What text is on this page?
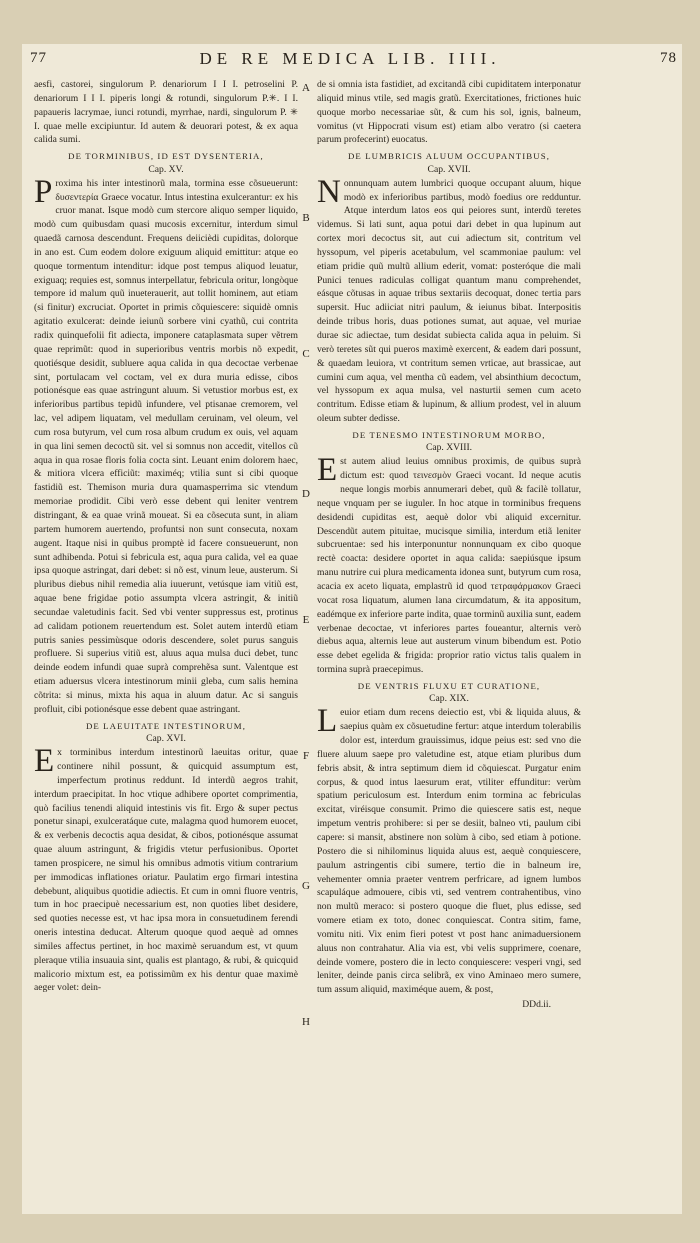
77	DE RE MEDICA LIB. IIII.	78
A
B
C
D
E
F
G
H

aesfi, castorei, singulorum P. denariorum I I I. petroselini P. denariorum I I I. piperis longi & rotundi, singulorum P.✳. I I. papaueris lacrymae, iunci rotundi, myrrhae, nardi, singulorum P. ✳ I. quae melle excipiuntur. Id autem & deuorari potest, & ex aqua calida sumi.

DE TORMINIBUS, ID EST DYSENTERIA,
Cap. XV.

Proxima his inter intestinorũ mala, tormina esse cõsueuerunt: δυσεντερία Graece vocatur. Intus intestina exulcerantur: ex his cruor manat. Isque modò cum stercore aliquo semper liquido, modò cum quibusdam quasi mucosis excernitur, interdum simul quaedã carnosa descendunt. Frequens deiicièdi cupiditas, dolorque in ano est. Cum eodem dolore exiguum aliquid emittitur: atque eo quoque tormentum intenditur: idque post tempus aliquod leuatur, exiguaq; requies est, somnus interpellatur, febricula oritur, longòque tempore id malum quũ inueterauerit, aut tollit hominem, aut etiam (si finitur) excruciat. Oportet in primis cõquiescere: siquidè omnis agitatio exulcerat: deinde ieiunũ sorbere vini cyathũ, cui contrita radix quinquefolii fit adiecta, imponere cataplasmata super vẽtrem quae reprimũt: quod in superioribus ventris morbis nõ expedit, quotiésque desidit, subluere aqua calida in qua decoctae verbenae sint, portulacam vel coctam, vel ex dura muria edisse, cibos potionésque eas quae astringunt aluum. Si vetustior morbus est, ex inferioribus partibus tepidũ infundere, vel ptisanae cremorem, vel lac, vel adipem liquatam, vel medullam ceruinam, vel oleum, vel cum rosa butyrum, vel cum rosa album crudum ex ouis, vel aquam in qua lini semen decoctũ sit. vel si somnus non accedit, vitellos cũ aqua in qua rosae floris folia cocta sint. Leuant enim dolorem haec, & mitiora vlcera efficiũt: maximéq; vtilia sunt si cibi quoque fastidiũ est. Themison muria dura quamasperrima sic vtendum memoriae prodidit. Cibi verò esse debent qui leniter ventrem distringant, & ea quae vrinã moueat. Si ea cõsecuta sunt, in aliam partem humorem auertendo, profuntsi non sunt consecuta, noxam augent. Itaque nisi in quibus promptè id facere consueuerunt, non sunt adhibenda. Potui si febricula est, aqua pura calida, vel ea quae ipsa quoque astringat, dari debet: si nõ est, vinum leue, austerum. Si pluribus diebus nihil remedia alia iuuerunt, vetúsque iam vitiũ est, aquae bene frigidae potio assumpta vlcera astringit, & initiũ secundae valetudinis facit. Sed vbi venter suppressus est, protinus ad calidam potionem reuertendum est. Solet autem interdũ etiam putris sanies pessimùsque odoris descendere, solet purus sanguis profluere. Si superius vitiũ est, aluus aqua mulsa duci debet, tunc deinde eodem infundi quae suprà comprehẽsa sunt. Valentque est etiam aduersus vlcera intestinorum minii gleba, cum salis hemina cõtrita: si minus, mixta his aqua in aluum datur. Ac si sanguis profluit, cibi potionésque esse debent quae astringant.

DE LAEUITATE INTESTINORUM,
Cap. XVI.

Ex torminibus interdum intestinorũ laeuitas oritur, quae continere nihil possunt, & quicquid assumptum est, imperfectum protinus reddunt. Id interdũ aegros trahit, interdum praecipitat. In hoc vtique adhibere oportet comprimentia, quò facilius tenendi aliquid intestinis vis fit. Ergo & super pectus ponetur sinapi, exulceratáque cute, malagma quod humorem euocet, & ex verbenis decoctis aqua desidat, & cibos, potionésque assumat quae aluum astringunt, & frigidis vtetur perfusionibus. Oportet tamen prospicere, ne simul his omnibus admotis vitium contrarium per immodicas inflationes oriatur. Paulatim ergo firmari intestina debebunt, aliquibus quotidie adiectis. Et cum in omni fluore ventris, tum in hoc praecipuè necessarium est, non quoties libet desidere, sed quoties necesse est, vt hac ipsa mora in consuetudinem ferendi oneris intestina deducat. Alterum quoque quod aequè ad omnes similes affectus pertinet, in hoc maximè seruandum est, vt quum pleraque vtilia insuauia sint, qualis est plantago, & rubi, & quicquid malicorio mixtum est, ea potissimũm ex his dentur quae maximè aeger volet: dein-

de si omnia ista fastidiet, ad excitandã cibi cupiditatem interponatur aliquid minus vtile, sed magis gratũ. Exercitationes, frictiones huic quoque morbo necessariae sũt, & cum his sol, ignis, balneum, vomitus (vt Hippocrati visum est) etiam albo veratro (si caetera parum profecerint) euocatus.

DE LUMBRICIS ALUUM OCCUPANTIBUS,
Cap. XVII.

Nonnunquam autem lumbrici quoque occupant aluum, hique modò ex inferioribus partibus, modò foedius ore redduntur. Atque interdum latos eos qui peiores sunt, interdũ teretes videmus. Si lati sunt, aqua potui dari debet in qua lupinum aut cortex mori decoctus sit, aut cui adiectum sit, contritum vel hyssopum, vel piperis acetabulum, vel scammoniae paulum: vel etiam pridie quũ multũ allium ederit, vomat: posteróque die mali Punici tenues radiculas colligat quantum manu comprehendet, eásque cõtusas in aquae tribus sextariis decoquat, donec tertia pars supersit. Huc adiiciat nitri paulum, & ieiunus bibat. Interpositis deinde tribus horis, duas potiones sumat, aut aquae, vel muriae durae sic adiectae, tum desidat subiecta calida aqua in peluim. Si verò teretes sũt qui pueros maximè exercent, & eadem dari possunt, & quaedam leuiora, vt contritum semen vrticae, aut brassicae, aut cumini cum aqua, vel mentha cũ eadem, vel absinthium decoctum, vel hyssopum ex aqua mulsa, vel nasturtii semen cum aceto contritum. Edisse etiam & lupinum, & allium prodest, vel in aluum oleum subter dedisse.

DE TENESMO INTESTINORUM MORBO,
Cap. XVIII.

Est autem aliud leuius omnibus proximis, de quibus suprà dictum est: quod τεινεσμὸν Graeci vocant. Id neque acutis neque longis morbis annumerari debet, quũ & facilè tollatur, neque vnquam per se iuguler. In hoc atque in torminibus frequens desidendi cupiditas est, aequè dolor vbi aliquid excernitur. Descendũt autem pituitae, mucisque similia, interdum etiã leniter subcruentae: sed his interponuntur nonnunquam ex cibo quoque rectè coacta: desidere oportet in aqua calida: saepiúsque ipsum manu nutrire cui plura medicamenta idonea sunt, butyrum cum rosa, acacia ex aceto liquata, emplastrũ id quod τετραφάρμακον Graeci vocat rosa liquatum, alumen lana circumdatum, & ita appositum, eadémque ex inferiore parte indita, quae torminũ auxilia sunt, eadem verbenae decoctae, vt inferiores partes foueantur, alternis verò diebus aqua, alternis leue aut austerum vinum bibendum est. Potio esse debet egelida & frigida: proprior ratio victus talis qualem in tormina suprà praecepimus.

DE VENTRIS FLUXU ET CURATIONE,
Cap. XIX.

Leuior etiam dum recens deiectio est, vbi & liquida aluus, & saepius quàm ex cõsuetudine fertur: atque interdum tolerabilis dolor est, interdum grauissimus, idque peius est: sed vno die fluere aluum saepe pro valetudine est, atque etiam pluribus dum febris absit, & intra septimum diem id cõquiescat. Purgatur enim corpus, & quod intus laesurum erat, vtiliter effunditur: verùm spatium periculosum est. Interdum enim tormina ac febriculas excitat, viréisque consumit. Primo die quiescere satis est, neque impetum ventris prohibere: si per se desiit, balneo vti, paulum cibi capere: si mansit, abstinere non solùm à cibo, sed etiam à potione. Postero die si nihilominus liquida aluus est, aequè conquiescere, paulum astringentis cibi sumere, tertio die in balneum ire, vehementer omnia praeter ventrem perfricare, ad ignem lumbos scapuláque admouere, cibis vti, sed ventrem contrahentibus, vino non multũ meraco: si postero quoque die fluet, plus edisse, sed vomere etiam ex toto, donec conquiescat. Contra sitim, fame, vomitu niti. Vix enim fieri potest vt post hanc animaduersionem aluus non contrahatur. Alia via est, vbi velis supprimere, coenare, deinde vomere, postero die in lecto conquiescere: vesperi vngi, sed leniter, deinde panis circa selibrã, ex vino Aminaeo mero sumere, tum assum aliquid, maximéque auem, & post,

DDd.ii.
